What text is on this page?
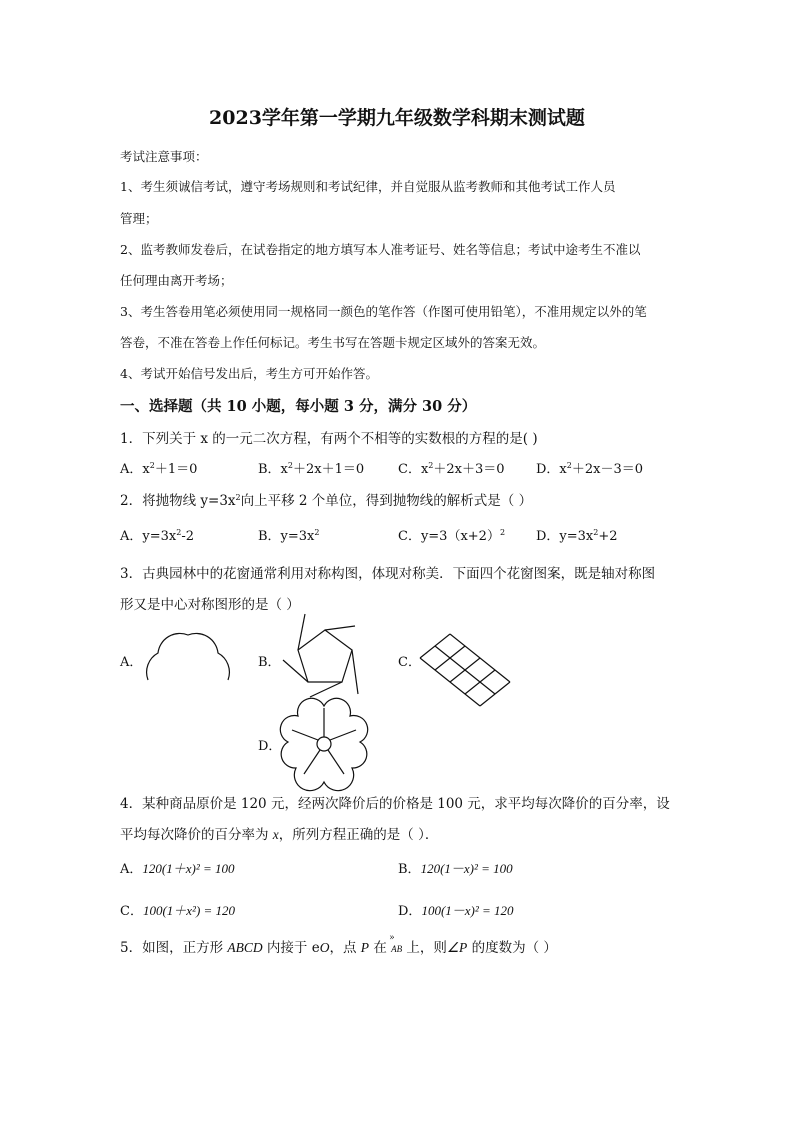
2023学年第一学期九年级数学科期末测试题
考试注意事项：
1、考生须诚信考试，遵守考场规则和考试纪律，并自觉服从监考教师和其他考试工作人员
管理；
2、监考教师发卷后，在试卷指定的地方填写本人准考证号、姓名等信息；考试中途考生不准以
任何理由离开考场；
3、考生答卷用笔必须使用同一规格同一颜色的笔作答（作图可使用铅笔），不准用规定以外的笔
答卷，不准在答卷上作任何标记。考生书写在答题卡规定区域外的答案无效。
4、考试开始信号发出后，考生方可开始作答。
一、选择题（共 10 小题，每小题 3 分，满分 30 分）
1．下列关于 x 的一元二次方程，有两个不相等的实数根的方程的是( )
A．$x^2+1=0$	B．$x^2+2x+1=0$	C．$x^2+2x+3=0$ D．$x^2+2x-3=0$
2．将抛物线 $y=3x^2$向上平移 2 个单位，得到抛物线的解析式是（ ）
A．$y=3x^2-2$	B．$y=3x^2$	C．$y=3(x+2)^2$ D．$y=3x^2+2$
3．古典园林中的花窗通常利用对称构图，体现对称美．下面四个花窗图案，既是轴对称图
形又是中心对称图形的是（ ）
A．	B．	C．
D．
4．某种商品原价是 120 元，经两次降价后的价格是 100 元，求平均每次降价的百分率，设
平均每次降价的百分率为 x，所列方程正确的是（ ）．
A．120(1＋x)² = 100	B．120(1－x)² = 100
C．100(1＋x²) = 120	D．100(1－x)² = 120
5．如图，正方形 ABCD 内接于 eO，点 P 在
»
AB 上，则∠P 的度数为（ ）
